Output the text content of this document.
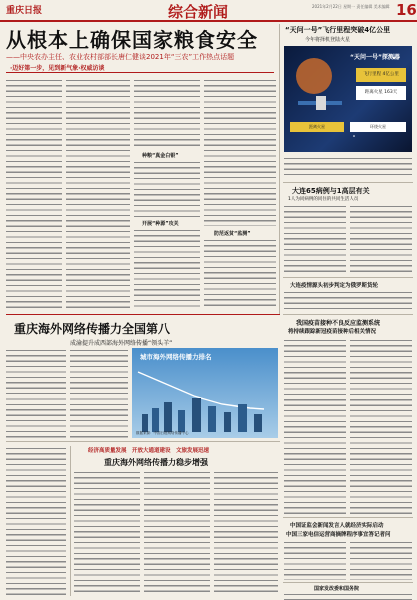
重庆日报	综合新闻	2021年2月22日 星期一 责任编辑 美术编辑 16
从根本上确保国家粮食安全
——中央农办主任、农业农村部部长唐仁健谈2021年“三农”工作热点话题
·迈好第一步，见到新气象·权威访谈
种粮“真金白银”
开展“种源”攻关
防范返贫“监测”
“天问一号”飞行里程突破4亿公里
今年将择机登陆火星
“天问一号”探测器
飞行里程 4亿公里
距离火星 163天
距离火星	环绕火星
大连65病例与1高层有关
1人为同病例的同住的共同生活人员
大连疫情源头初步判定为俄罗斯货轮
我国疫苗接种不良反应监测系统
将持续跟踪新冠疫苗接种后相关情况
重庆海外网络传播力全国第八
成渝提升成西部海外网络传播“领头羊”
城市海外网络传播力排名
数据来源：中国日报网络传播中心
经济高质量发展　开放大通道建设　文旅发展迅速
重庆海外网络传播力稳步增强
中国证监会新闻发言人就经济实际启动
中国三家电信运营商摘牌程序事宜答记者问
国家发改委和国务院
